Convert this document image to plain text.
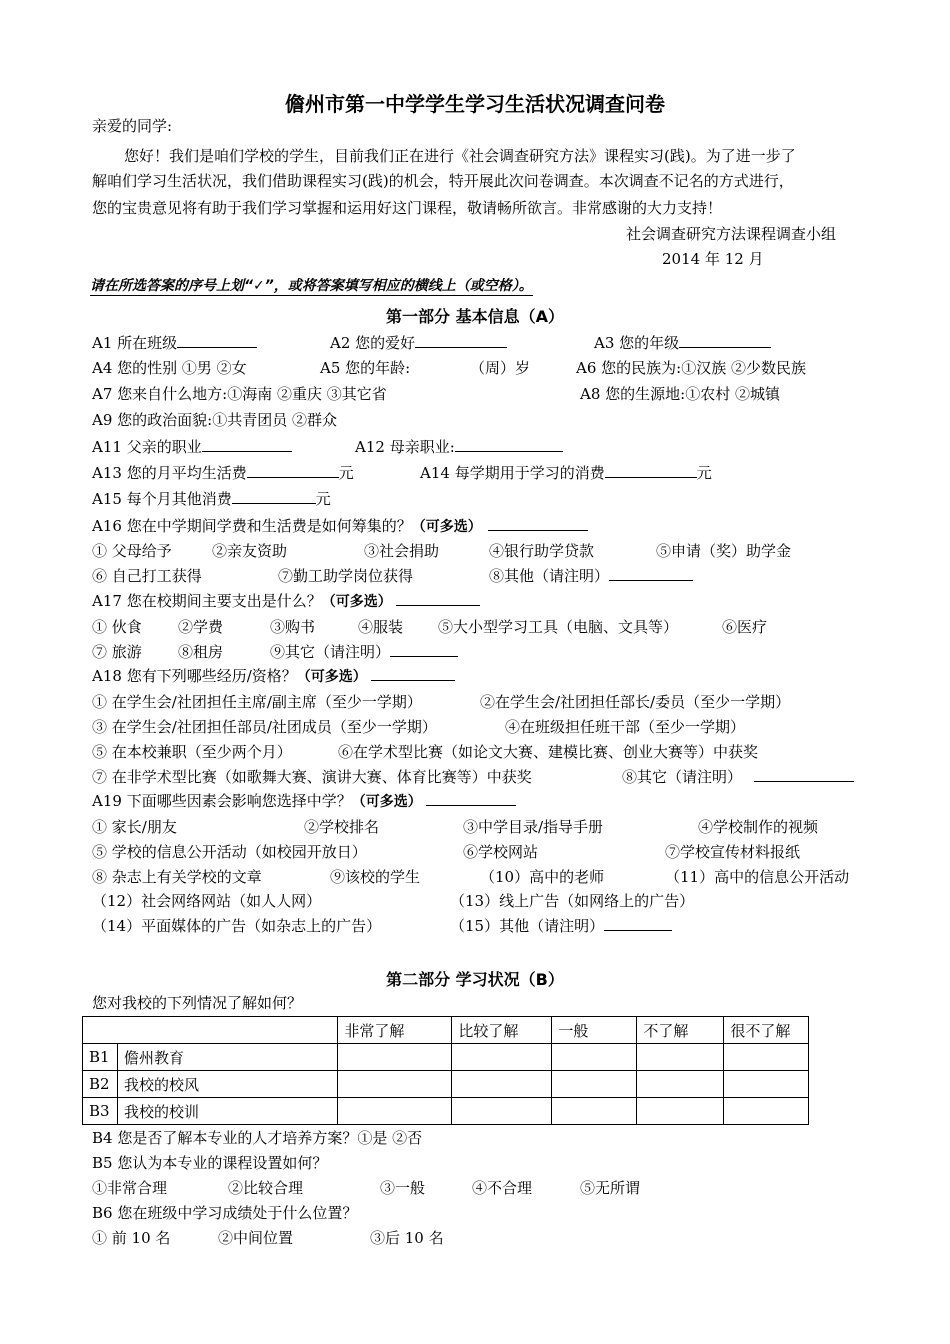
儋州市第一中学学生学习生活状况调查问卷
亲爱的同学:
您好！我们是咱们学校的学生，目前我们正在进行《社会调查研究方法》课程实习(践)。为了进一步了
解咱们学习生活状况，我们借助课程实习(践)的机会，特开展此次问卷调查。本次调查不记名的方式进行，
您的宝贵意见将有助于我们学习掌握和运用好这门课程，敬请畅所欲言。非常感谢的大力支持！
社会调查研究方法课程调查小组
2014 年 12 月
请在所选答案的序号上划“✓”，或将答案填写相应的横线上（或空格）。
第一部分 基本信息（A）
A1 所在班级	A2 您的爱好	A3 您的年级
A4 您的性别 ①男 ②女	A5 您的年龄:	（周）岁	A6 您的民族为:①汉族 ②少数民族
A7 您来自什么地方:①海南 ②重庆 ③其它省	A8 您的生源地:①农村 ②城镇
A9 您的政治面貌:①共青团员 ②群众
A11 父亲的职业	A12 母亲职业:
A13 您的月平均生活费	元	A14 每学期用于学习的消费	元
A15 每个月其他消费	元
A16 您在中学期间学费和生活费是如何筹集的？（可多选）
① 父母给予	②亲友资助	③社会捐助	④银行助学贷款	⑤申请（奖）助学金
⑥ 自己打工获得	⑦勤工助学岗位获得	⑧其他（请注明）
A17 您在校期间主要支出是什么？（可多选）
① 伙食 ②学费	③购书	④服装 ⑤大小型学习工具（电脑、文具等）	⑥医疗
⑦ 旅游 ⑧租房	⑨其它（请注明）
A18 您有下列哪些经历/资格？（可多选）
① 在学生会/社团担任主席/副主席（至少一学期）	②在学生会/社团担任部长/委员（至少一学期）
③ 在学生会/社团担任部员/社团成员（至少一学期）	④在班级担任班干部（至少一学期）
⑤ 在本校兼职（至少两个月）	⑥在学术型比赛（如论文大赛、建模比赛、创业大赛等）中获奖
⑦ 在非学术型比赛（如歌舞大赛、演讲大赛、体育比赛等）中获奖	⑧其它（请注明）
A19 下面哪些因素会影响您选择中学？（可多选）
① 家长/朋友	②学校排名	③中学目录/指导手册	④学校制作的视频
⑤ 学校的信息公开活动（如校园开放日）	⑥学校网站	⑦学校宣传材料报纸
⑧ 杂志上有关学校的文章	⑨该校的学生	（10）高中的老师	（11）高中的信息公开活动
（12）社会网络网站（如人人网）	（13）线上广告（如网络上的广告）
（14）平面媒体的广告（如杂志上的广告）	（15）其他（请注明）
第二部分 学习状况（B）
您对我校的下列情况了解如何？
		非常了解	比较了解	一般	不了解	很不了解
B1	儋州教育					
B2	我校的校风					
B3	我校的校训					
B4 您是否了解本专业的人才培养方案？①是 ②否
B5 您认为本专业的课程设置如何？
①非常合理	②比较合理	③一般	④不合理	⑤无所谓
B6 您在班级中学习成绩处于什么位置？
① 前 10 名	②中间位置	③后 10 名
